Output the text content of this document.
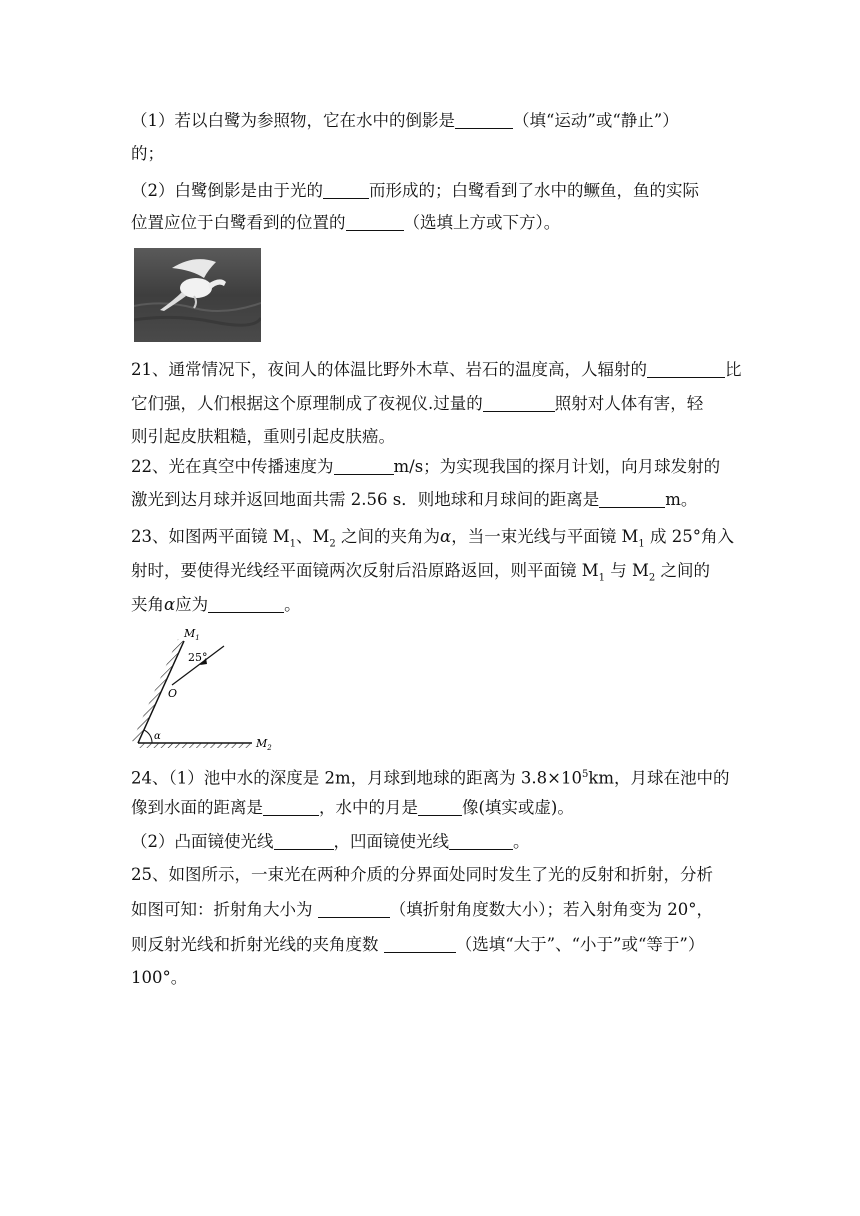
（1）若以白鹭为参照物，它在水中的倒影是	（填“运动”或“静止”）
的；
（2）白鹭倒影是由于光的	而形成的；白鹭看到了水中的鳜鱼，鱼的实际
位置应位于白鹭看到的位置的	（选填上方或下方）。
21、通常情况下，夜间人的体温比野外木草、岩石的温度高，人辐射的	比
它们强，人们根据这个原理制成了夜视仪.过量的	照射对人体有害，轻
则引起皮肤粗糙，重则引起皮肤癌。
22、光在真空中传播速度为	m/s；为实现我国的探月计划，向月球发射的
激光到达月球并返回地面共需 2.56 s．则地球和月球间的距离是	m。
23、如图两平面镜 $M_1$、$M_2$ 之间的夹角为α，当一束光线与平面镜 $M_1$ 成 25°角入
射时，要使得光线经平面镜两次反射后沿原路返回，则平面镜 $M_1$ 与 $M_2$ 之间的
夹角α应为	。
$M_1$
25°
O
α
$M_2$
24、（1）池中水的深度是 2m，月球到地球的距离为 $3.8\times 10^5km$，月球在池中的
像到水面的距离是	，水中的月是	像(填实或虚)。
（2）凸面镜使光线	，凹面镜使光线	。
25、如图所示，一束光在两种介质的分界面处同时发生了光的反射和折射，分析
如图可知：折射角大小为	（填折射角度数大小）；若入射角变为 20°，
则反射光线和折射光线的夹角度数	（选填“大于”、“小于”或“等于”）
100°。
